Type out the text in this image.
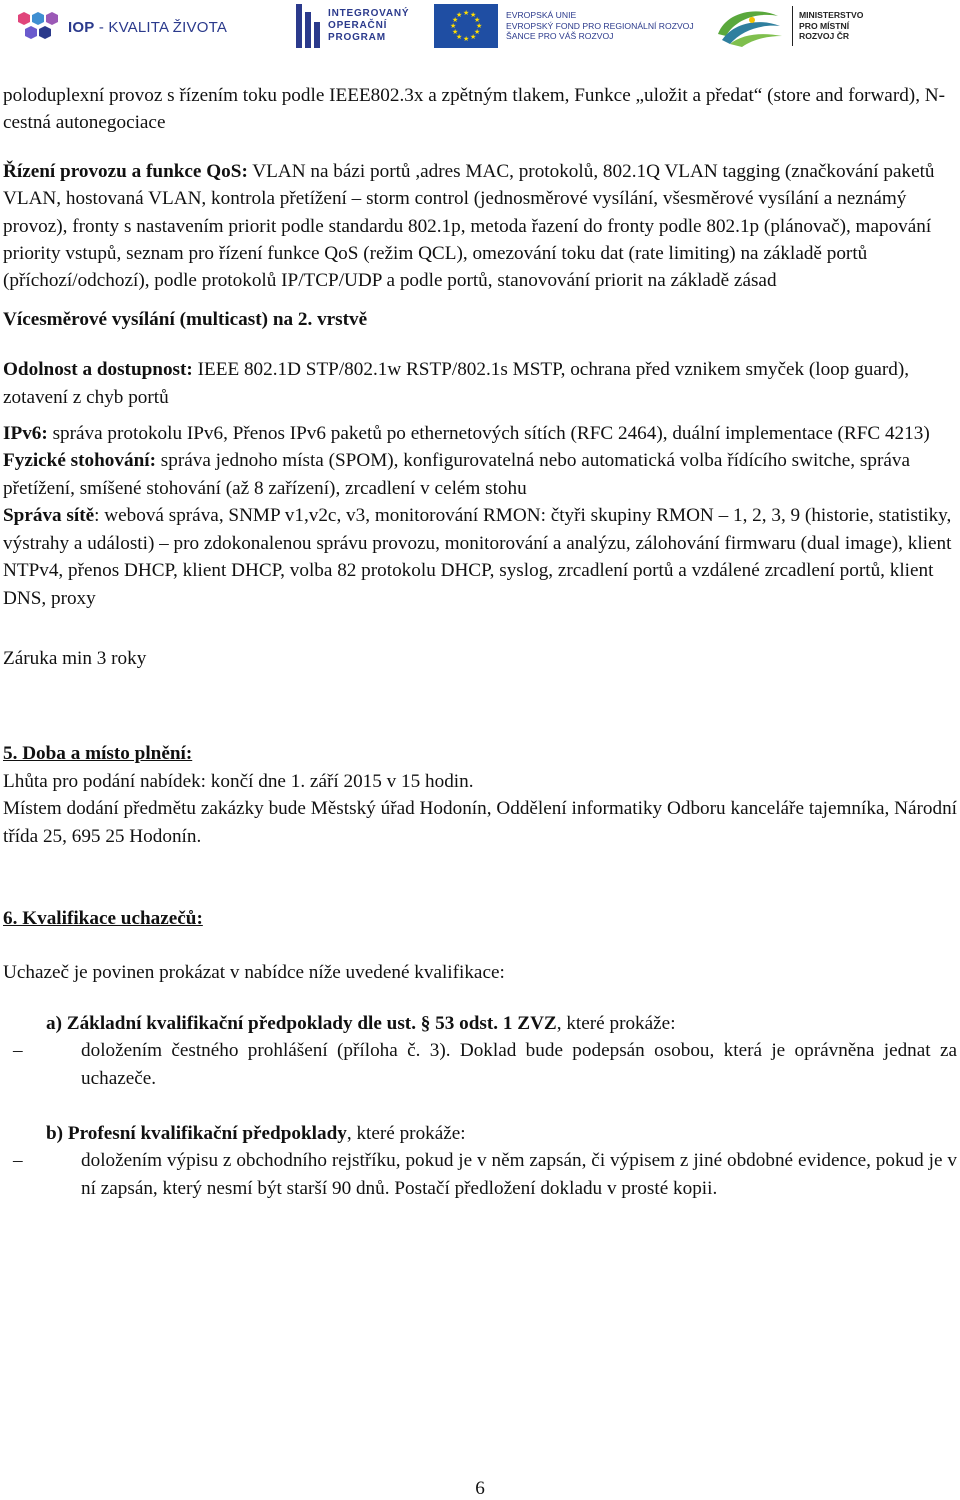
IOP - KVALITA ŽIVOTA
INTEGROVANÝ
OPERAČNÍ
PROGRAM
★ ★
★
★
★
★
★
★
★
★
★
★	EVROPSKÁ UNIE
EVROPSKÝ FOND PRO REGIONÁLNÍ ROZVOJ
ŠANCE PRO VÁŠ ROZVOJ
MINISTERSTVO
PRO MÍSTNÍ
ROZVOJ ČR

poloduplexní provoz s řízením toku podle IEEE802.3x a zpětným tlakem, Funkce „uložit a předat“ (store and forward), N-cestná autonegociace

Řízení provozu a funkce QoS: VLAN na bázi portů ,adres MAC, protokolů, 802.1Q VLAN tagging (značkování paketů VLAN, hostovaná VLAN, kontrola přetížení – storm control (jednosměrové vysílání, všesměrové vysílání a neznámý provoz), fronty s nastavením priorit podle standardu 802.1p, metoda řazení do fronty podle 802.1p (plánovač), mapování priority vstupů, seznam pro řízení funkce QoS (režim QCL), omezování toku dat (rate limiting) na základě portů (příchozí/odchozí), podle protokolů IP/TCP/UDP a podle portů, stanovování priorit na základě zásad

Vícesměrové vysílání (multicast) na 2. vrstvě

Odolnost a dostupnost: IEEE 802.1D STP/802.1w RSTP/802.1s MSTP, ochrana před vznikem smyček (loop guard), zotavení z chyb portů

IPv6: správa protokolu IPv6, Přenos IPv6 paketů po ethernetových sítích (RFC 2464), duální implementace (RFC 4213)

Fyzické stohování: správa jednoho místa (SPOM), konfigurovatelná nebo automatická volba řídícího switche, správa přetížení, smíšené stohování (až 8 zařízení), zrcadlení v celém stohu

Správa sítě: webová správa, SNMP v1,v2c, v3, monitorování RMON: čtyři skupiny RMON – 1, 2, 3, 9 (historie, statistiky, výstrahy a události) – pro zdokonalenou správu provozu, monitorování a analýzu, zálohování firmwaru (dual image), klient NTPv4, přenos DHCP, klient DHCP, volba 82 protokolu DHCP, syslog, zrcadlení portů a vzdálené zrcadlení portů, klient DNS, proxy

Záruka min 3 roky

5. Doba a místo plnění:

Lhůta pro podání nabídek: končí dne 1. září 2015 v 15 hodin.

Místem dodání předmětu zakázky bude Městský úřad Hodonín, Oddělení informatiky Odboru kanceláře tajemníka, Národní třída 25, 695 25 Hodonín.

6. Kvalifikace uchazečů:

Uchazeč je povinen prokázat v nabídce níže uvedené kvalifikace:

a) Základní kvalifikační předpoklady dle ust. § 53 odst. 1 ZVZ, které prokáže:

–	doložením čestného prohlášení (příloha č. 3). Doklad bude podepsán osobou, která je oprávněna jednat za uchazeče.

b) Profesní kvalifikační předpoklady, které prokáže:

–	doložením výpisu z obchodního rejstříku, pokud je v něm zapsán, či výpisem z jiné obdobné evidence, pokud je v ní zapsán, který nesmí být starší 90 dnů. Postačí předložení dokladu v prosté kopii.

6
